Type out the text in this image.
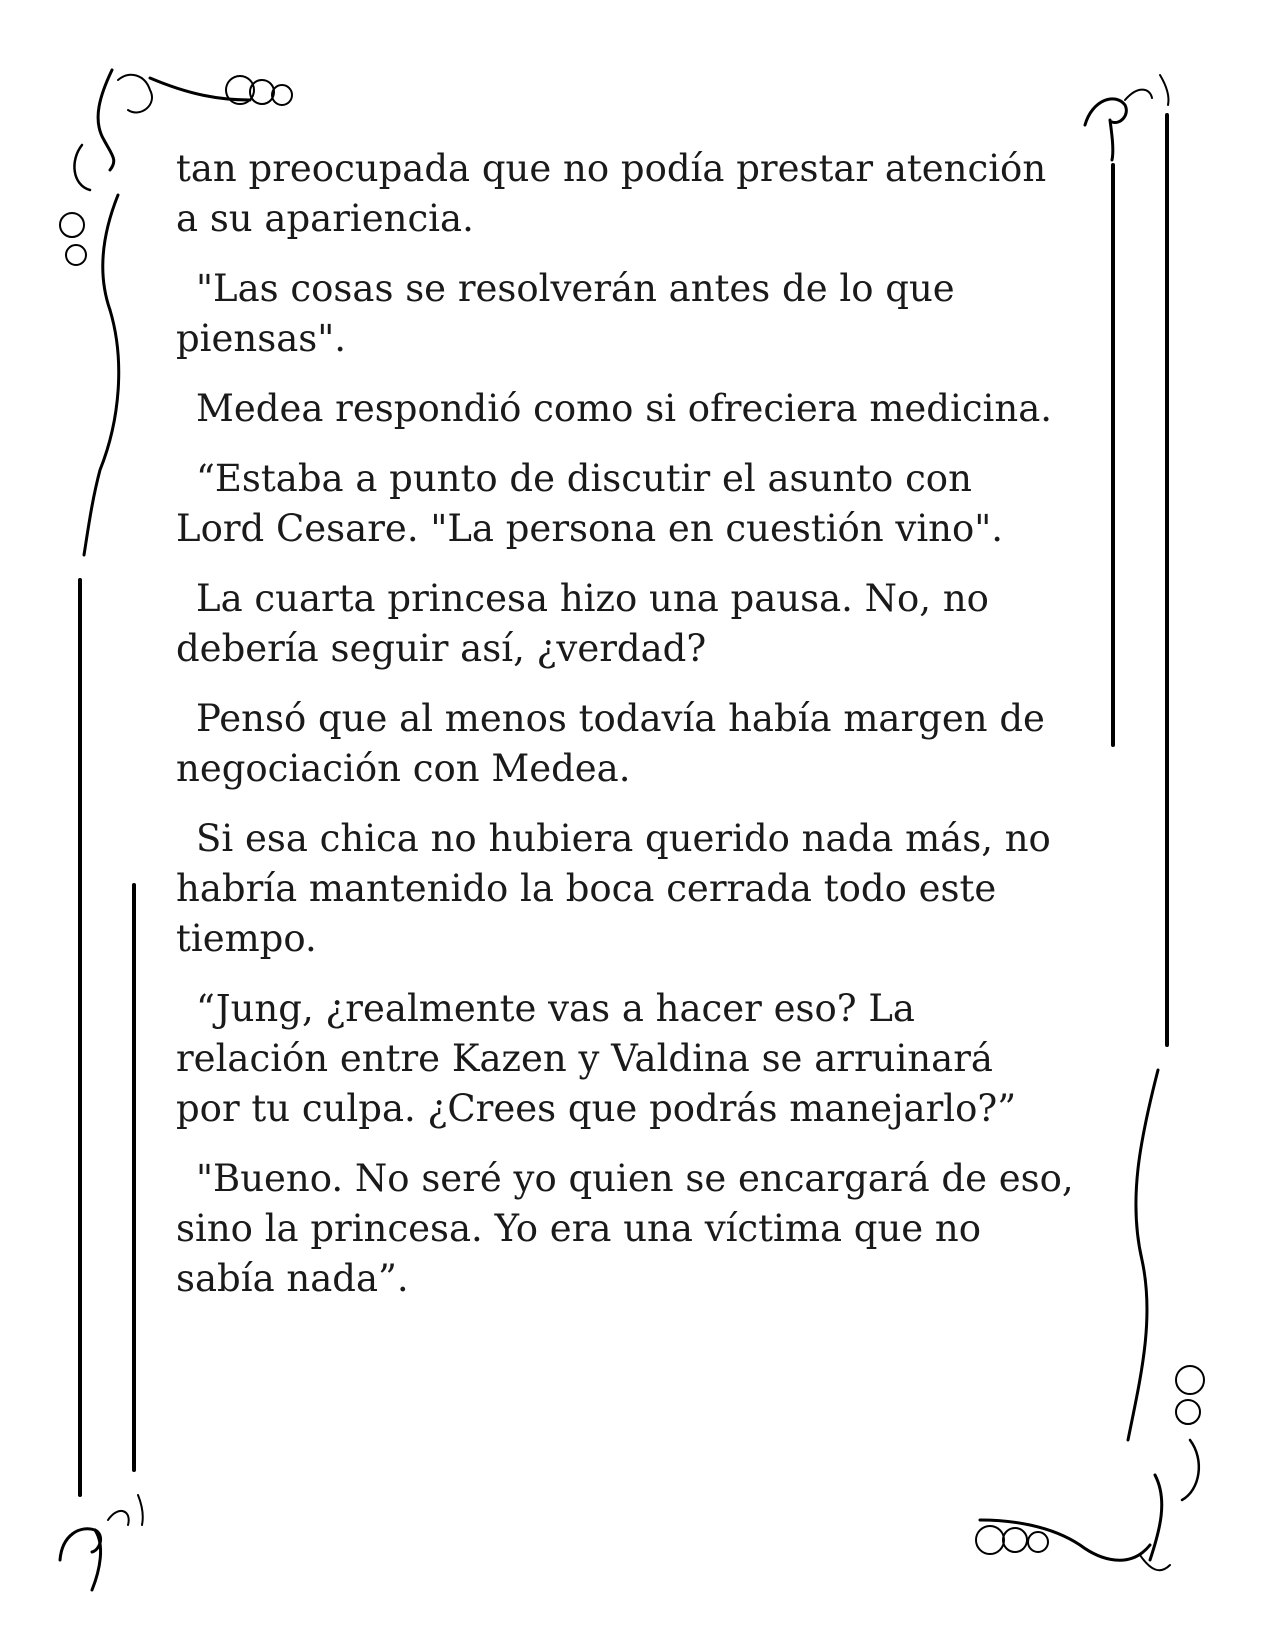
tan preocupada que no podía prestar atención
a su apariencia.

"Las cosas se resolverán antes de lo que
piensas".

Medea respondió como si ofreciera medicina.

“Estaba a punto de discutir el asunto con
Lord Cesare. "La persona en cuestión vino".

La cuarta princesa hizo una pausa. No, no
debería seguir así, ¿verdad?

Pensó que al menos todavía había margen de
negociación con Medea.

Si esa chica no hubiera querido nada más, no
habría mantenido la boca cerrada todo este
tiempo.

“Jung, ¿realmente vas a hacer eso? La
relación entre Kazen y Valdina se arruinará
por tu culpa. ¿Crees que podrás manejarlo?”

"Bueno. No seré yo quien se encargará de eso,
sino la princesa. Yo era una víctima que no
sabía nada”.
